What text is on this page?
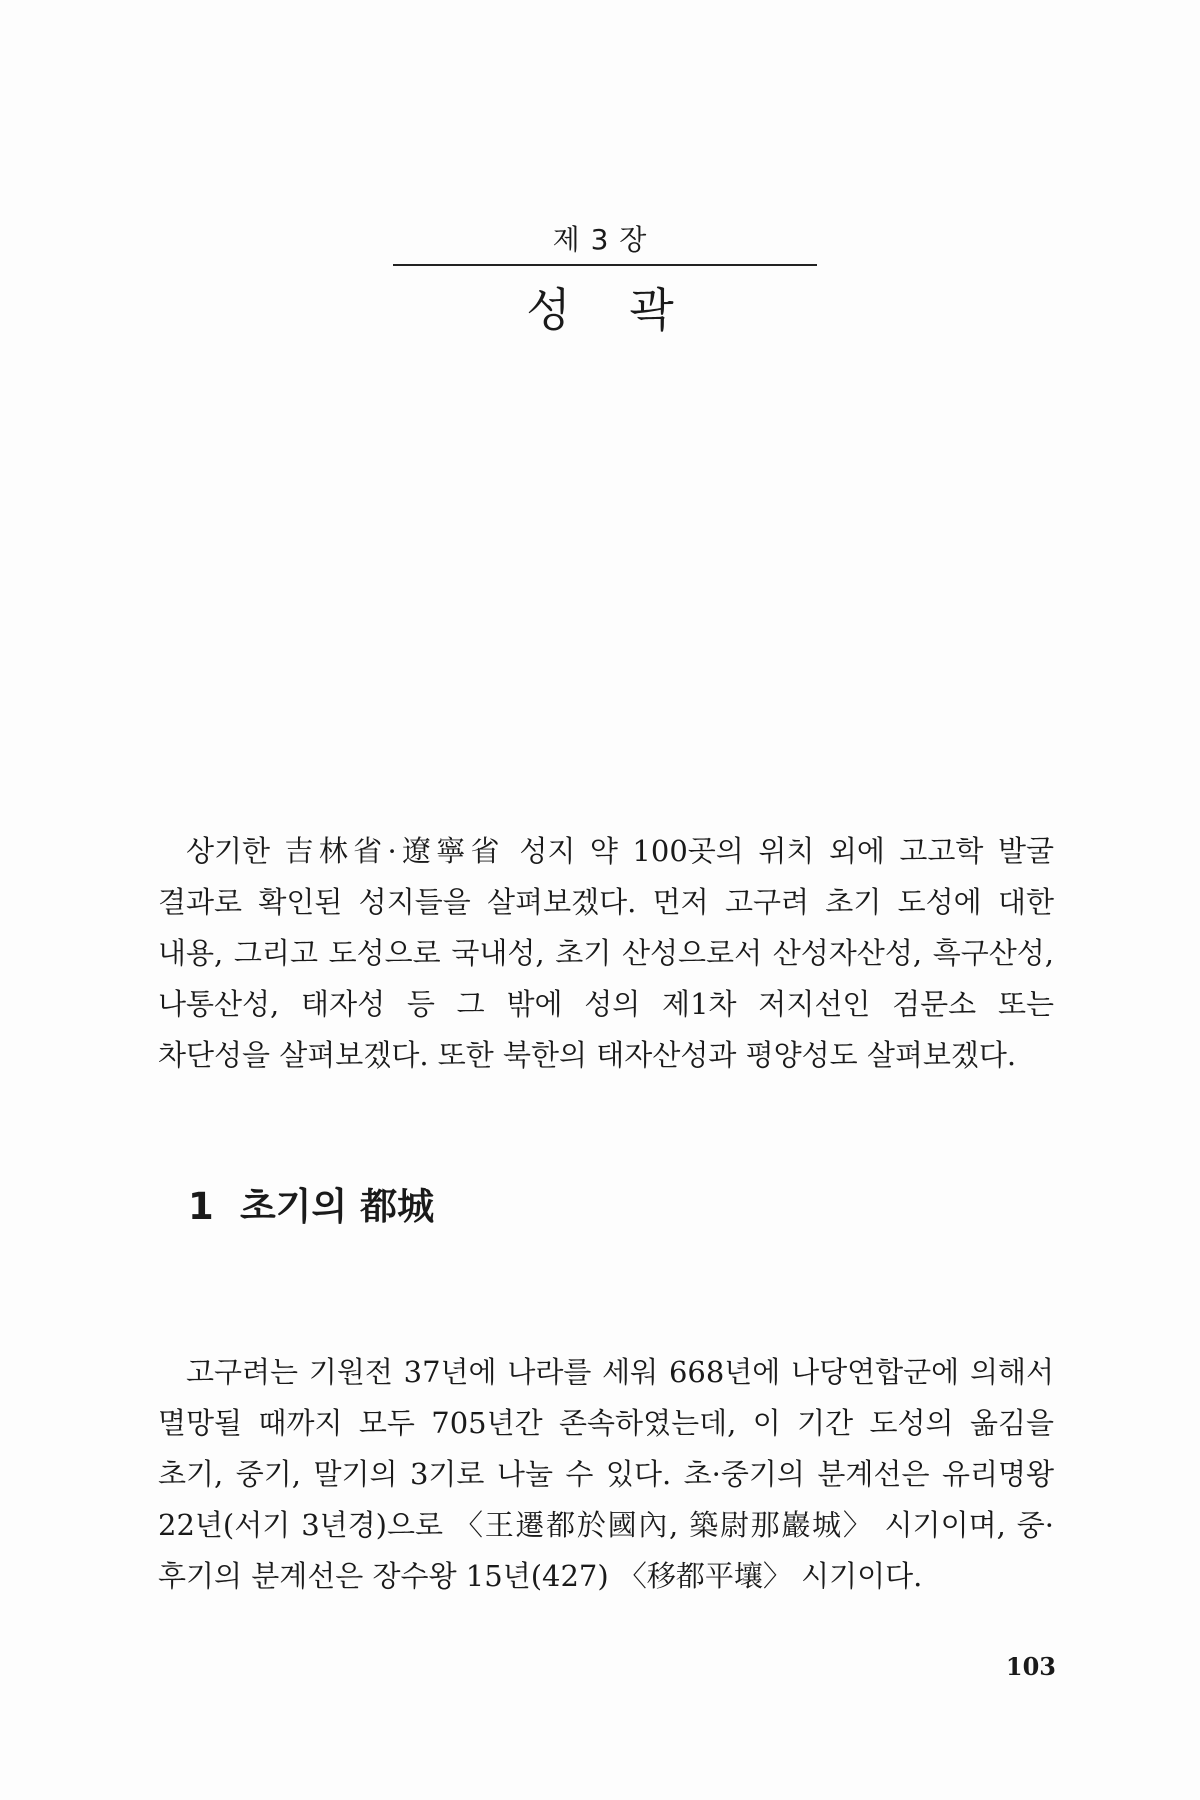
제 3 장
성 곽

상기한 吉林省·遼寧省 성지 약 100곳의 위치 외에 고고학 발굴 결과로 확인된 성지들을 살펴보겠다. 먼저 고구려 초기 도성에 대한 내용, 그리고 도성으로 국내성, 초기 산성으로서 산성자산성, 흑구산성, 나통산성, 태자성 등 그 밖에 성의 제1차 저지선인 검문소 또는 차단성을 살펴보겠다. 또한 북한의 태자산성과 평양성도 살펴보겠다.

1 초기의 都城

고구려는 기원전 37년에 나라를 세워 668년에 나당연합군에 의해서 멸망될 때까지 모두 705년간 존속하였는데, 이 기간 도성의 옮김을 초기, 중기, 말기의 3기로 나눌 수 있다. 초·중기의 분계선은 유리명왕 22년(서기 3년경)으로 〈王遷都於國內, 築尉那巖城〉 시기이며, 중·후기의 분계선은 장수왕 15년(427) 〈移都平壤〉 시기이다.

103
